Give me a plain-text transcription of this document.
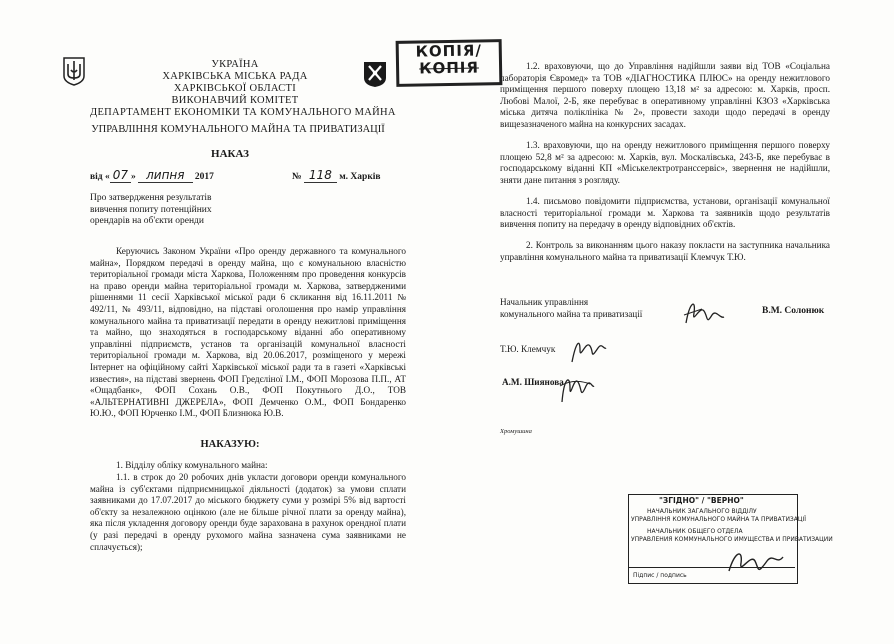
УКРАЇНА
ХАРКІВСЬКА МІСЬКА РАДА
ХАРКІВСЬКОЇ ОБЛАСТІ
ВИКОНАВЧИЙ КОМІТЕТ
ДЕПАРТАМЕНТ ЕКОНОМІКИ ТА КОМУНАЛЬНОГО МАЙНА
УПРАВЛІННЯ КОМУНАЛЬНОГО МАЙНА ТА ПРИВАТИЗАЦІЇ
НАКАЗ
від « 07 » липня 2017	№ 118 м. Харків
Про затвердження результатів
вивчення попиту потенційних
орендарів на об'єкти оренди
Керуючись Законом України «Про оренду державного та комунального майна», Порядком передачі в оренду майна, що є комунальною власністю територіальної громади міста Харкова, Положенням про проведення конкурсів на право оренди майна територіальної громади м. Харкова, затвердженими рішеннями 11 сесії Харківської міської ради 6 скликання від 16.11.2011 № 492/11, № 493/11, відповідно, на підставі оголошення про намір управління комунального майна та приватизації передати в оренду нежитлові приміщення та майно, що знаходяться в господарському віданні або оперативному управлінні підприємств, установ та організацій комунальної власності територіальної громади м. Харкова, від 20.06.2017, розміщеного у мережі Інтернет на офіційному сайті Харківської міської ради та в газеті «Харківські известия», на підставі звернень ФОП Гредєліної І.М., ФОП Морозова П.П., АТ «Ощадбанк», ФОП Сохань О.В., ФОП Покутнього Д.О., ТОВ «АЛЬТЕРНАТИВНІ ДЖЕРЕЛА», ФОП Демченко О.М., ФОП Бондаренко Ю.Ю., ФОП Юрченко І.М., ФОП Близнюка Ю.В.
НАКАЗУЮ:
1. Відділу обліку комунального майна:
1.1. в строк до 20 робочих днів укласти договори оренди комунального майна із суб'єктами підприємницької діяльності (додаток) за умови сплати заявниками до 17.07.2017 до міського бюджету суми у розмірі 5% від вартості об'єкту за незалежною оцінкою (але не більше річної плати за оренду майна), яка після укладення договору оренди буде зарахована в рахунок орендної плати (у разі передачі в оренду рухомого майна зазначена сума заявниками не сплачується);
1.2. враховуючи, що до Управління надійшли заяви від ТОВ «Соціальна лабораторія Євромед» та ТОВ «ДІАГНОСТИКА ПЛЮС» на оренду нежитлового приміщення першого поверху площею 13,18 м² за адресою: м. Харків, просп. Любові Малої, 2-Б, яке перебуває в оперативному управлінні КЗОЗ «Харківська міська дитяча поліклініка № 2», провести заходи щодо передачі в оренду вищезазначеного майна на конкурсних засадах.
1.3. враховуючи, що на оренду нежитлового приміщення першого поверху площею 52,8 м² за адресою: м. Харків, вул. Москалівська, 243-Б, яке перебуває в господарському віданні КП «Міськелектротранссервіс», звернення не надійшли, зняти дане питання з розгляду.
1.4. письмово повідомити підприємства, установи, організації комунальної власності територіальної громади м. Харкова та заявників щодо результатів вивчення попиту на передачу в оренду відповідних об'єктів.
2. Контроль за виконанням цього наказу покласти на заступника начальника управління комунального майна та приватизації Клемчук Т.Ю.
Начальник управління
комунального майна та приватизації	В.М. Солонюк
Т.Ю. Клемчук
А.М. Шиянова
Хромушина
КОПІЯ/
КОПІЯ
"ЗГІДНО" / "ВЕРНО"
НАЧАЛЬНИК ЗАГАЛЬНОГО ВІДДІЛУ
УПРАВЛІННЯ КОМУНАЛЬНОГО МАЙНА ТА ПРИВАТИЗАЦІЇ
НАЧАЛЬНИК ОБЩЕГО ОТДЕЛА
УПРАВЛЕНИЯ КОММУНАЛЬНОГО ИМУЩЕСТВА И ПРИВАТИЗАЦИИ
Підпис / подпись
